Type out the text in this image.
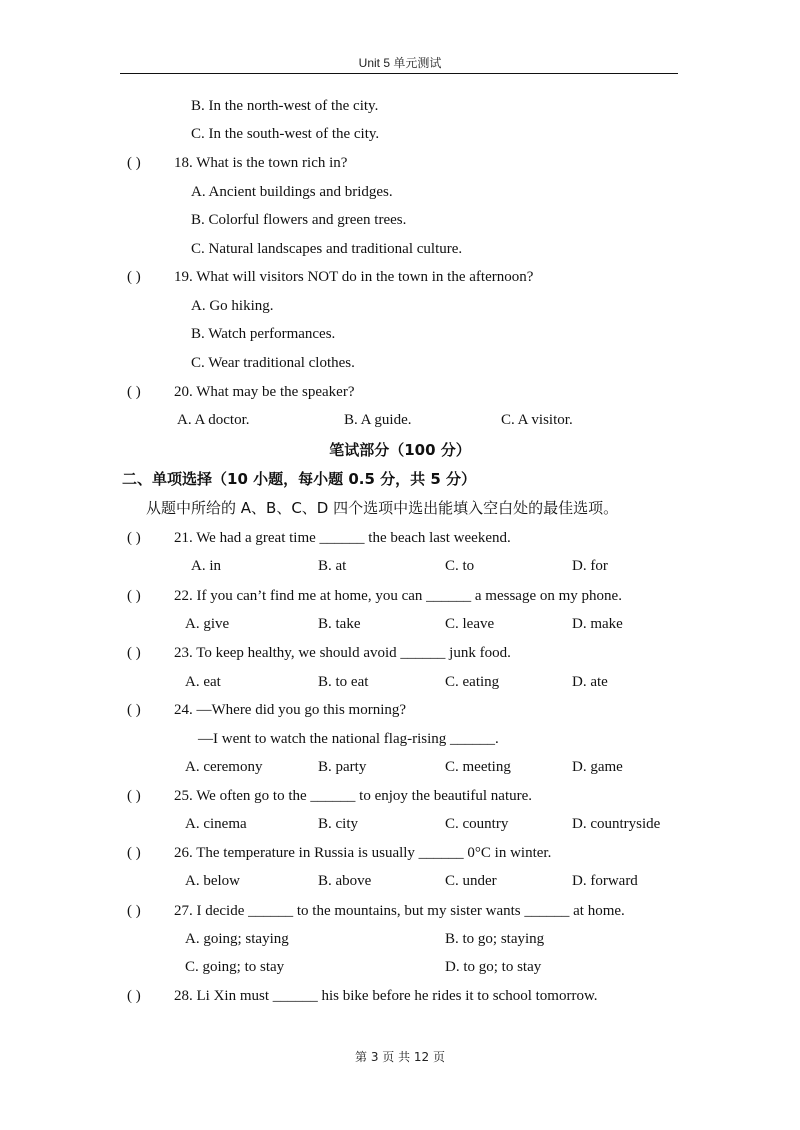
Unit 5 单元测试
B. In the north-west of the city.
C. In the south-west of the city.
( ) 18. What is the town rich in?
A. Ancient buildings and bridges.
B. Colorful flowers and green trees.
C. Natural landscapes and traditional culture.
( ) 19. What will visitors NOT do in the town in the afternoon?
A. Go hiking.
B. Watch performances.
C. Wear traditional clothes.
( ) 20. What may be the speaker?
A. A doctor.	B. A guide.	C. A visitor.
笔试部分（100 分）
二、单项选择（10 小题，每小题 0.5 分，共 5 分）
从题中所给的 A、B、C、D 四个选项中选出能填入空白处的最佳选项。
( ) 21. We had a great time ______ the beach last weekend.
A. in	B. at	C. to	D. for
( ) 22. If you can’t find me at home, you can ______ a message on my phone.
A. give	B. take	C. leave	D. make
( ) 23. To keep healthy, we should avoid ______ junk food.
A. eat	B. to eat	C. eating	D. ate
( ) 24. —Where did you go this morning?
—I went to watch the national flag-rising ______.
A. ceremony	B. party	C. meeting	D. game
( ) 25. We often go to the ______ to enjoy the beautiful nature.
A. cinema	B. city	C. country	D. countryside
( ) 26. The temperature in Russia is usually ______ 0°C in winter.
A. below	B. above	C. under	D. forward
( ) 27. I decide ______ to the mountains, but my sister wants ______ at home.
A. going; staying	B. to go; staying
C. going; to stay	D. to go; to stay
( ) 28. Li Xin must ______ his bike before he rides it to school tomorrow.
第 3 页 共 12 页
